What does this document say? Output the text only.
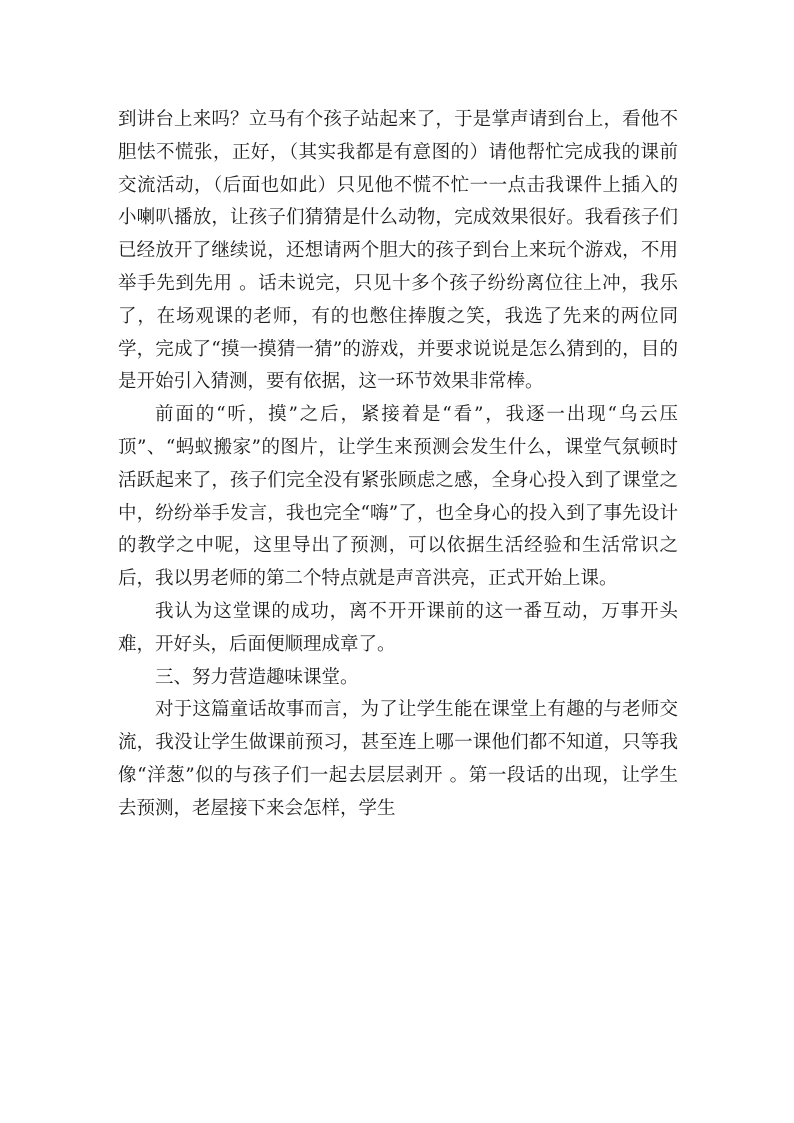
到讲台上来吗？立马有个孩子站起来了，于是掌声请到台上，看他不胆怯不慌张，正好，（其实我都是有意图的）请他帮忙完成我的课前交流活动，（后面也如此）只见他不慌不忙一一点击我课件上插入的小喇叭播放，让孩子们猜猜是什么动物，完成效果很好。我看孩子们已经放开了继续说，还想请两个胆大的孩子到台上来玩个游戏，不用举手先到先用 。话未说完，只见十多个孩子纷纷离位往上冲，我乐了，在场观课的老师，有的也憋住捧腹之笑，我选了先来的两位同学，完成了“摸一摸猜一猜”的游戏，并要求说说是怎么猜到的，目的是开始引入猜测，要有依据，这一环节效果非常棒。

前面的“听，摸”之后，紧接着是“看”，我逐一出现“乌云压顶”、“蚂蚁搬家”的图片，让学生来预测会发生什么，课堂气氛顿时活跃起来了，孩子们完全没有紧张顾虑之感，全身心投入到了课堂之中，纷纷举手发言，我也完全“嗨”了，也全身心的投入到了事先设计的教学之中呢，这里导出了预测，可以依据生活经验和生活常识之后，我以男老师的第二个特点就是声音洪亮，正式开始上课。

我认为这堂课的成功，离不开开课前的这一番互动，万事开头难，开好头，后面便顺理成章了。

三、努力营造趣味课堂。

对于这篇童话故事而言，为了让学生能在课堂上有趣的与老师交流，我没让学生做课前预习，甚至连上哪一课他们都不知道，只等我像“洋葱”似的与孩子们一起去层层剥开 。第一段话的出现，让学生去预测，老屋接下来会怎样，学生
